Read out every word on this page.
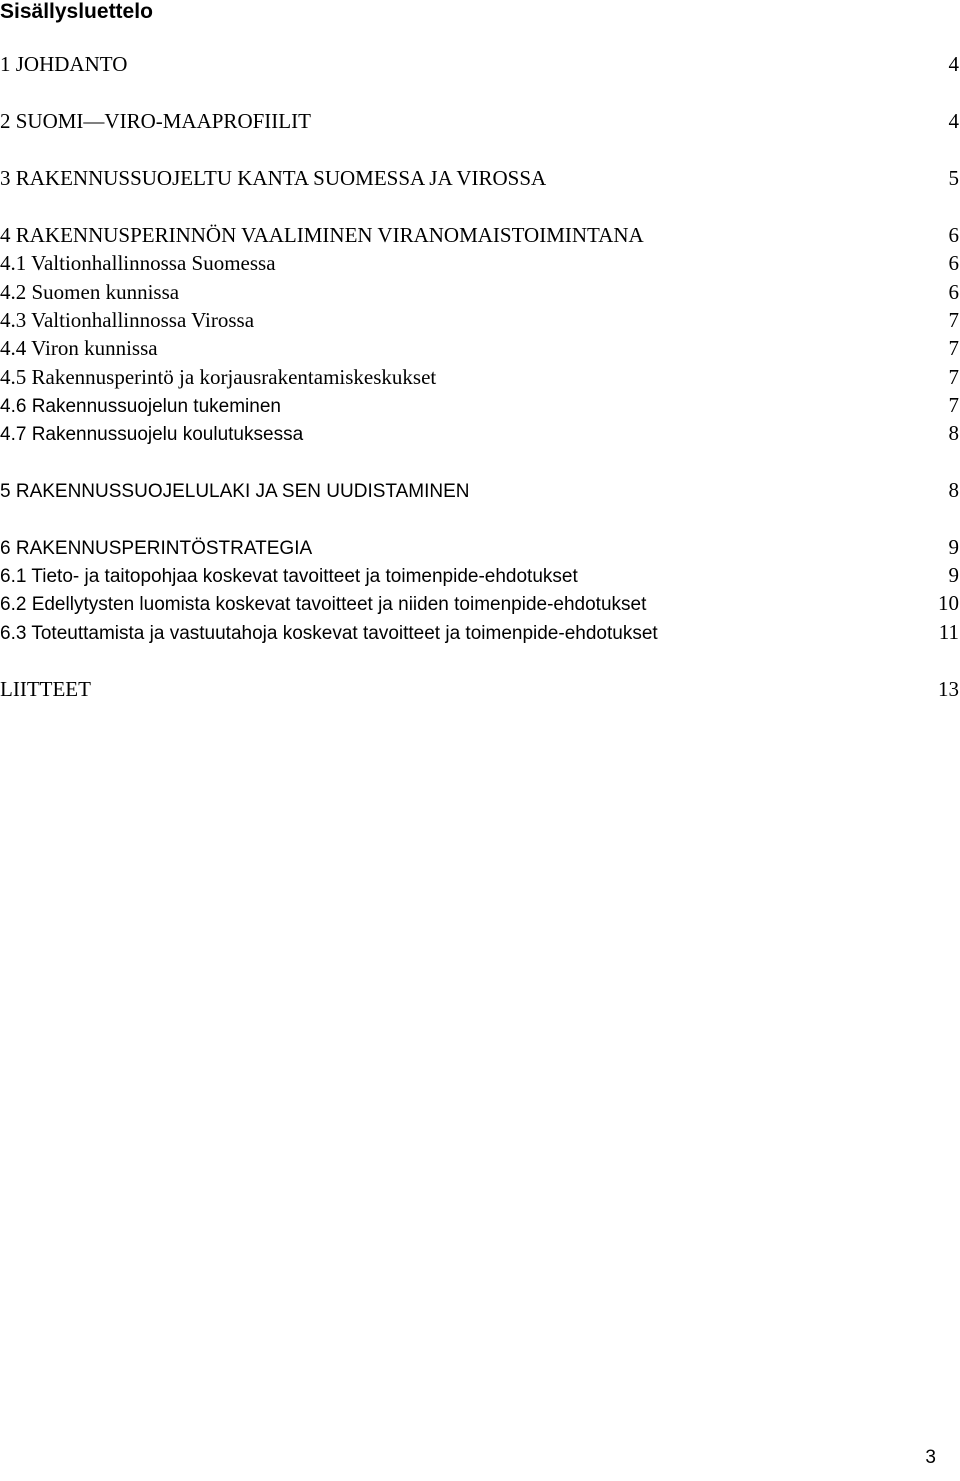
Sisällysluettelo
1 JOHDANTO	4
2 SUOMI—VIRO-MAAPROFIILIT	4
3 RAKENNUSSUOJELTU KANTA SUOMESSA JA VIROSSA	5
4 RAKENNUSPERINNÖN VAALIMINEN VIRANOMAISTOIMINTANA	6
4.1 Valtionhallinnossa Suomessa	6
4.2 Suomen kunnissa	6
4.3 Valtionhallinnossa Virossa	7
4.4 Viron kunnissa	7
4.5 Rakennusperintö ja korjausrakentamiskeskukset	7
4.6 Rakennussuojelun tukeminen	7
4.7 Rakennussuojelu koulutuksessa	8
5 RAKENNUSSUOJELULAKI JA SEN UUDISTAMINEN	8
6 RAKENNUSPERINTÖSTRATEGIA	9
6.1 Tieto- ja taitopohjaa koskevat tavoitteet ja toimenpide-ehdotukset	9
6.2 Edellytysten luomista koskevat tavoitteet ja niiden toimenpide-ehdotukset	10
6.3 Toteuttamista ja vastuutahoja koskevat tavoitteet ja toimenpide-ehdotukset	11
LIITTEET	13
3
